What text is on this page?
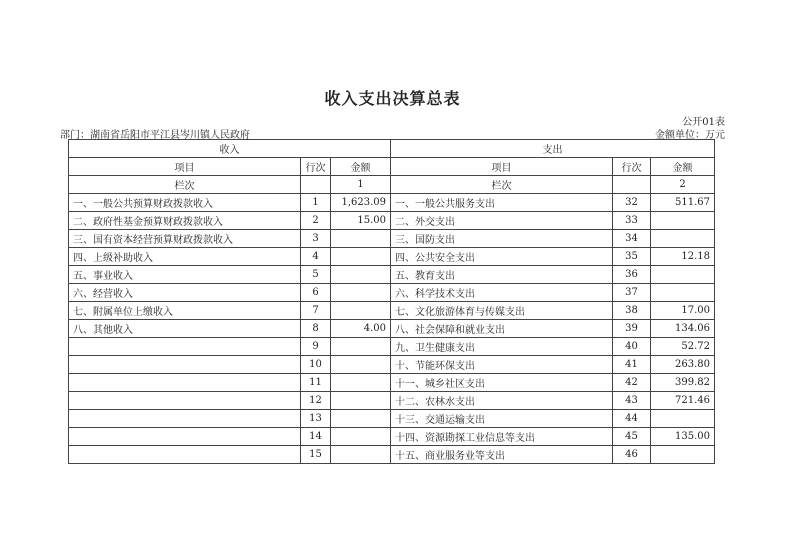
收入支出决算总表
公开01表
部门：湖南省岳阳市平江县岑川镇人民政府	金额单位：万元
收入			支出		
项目	行次	金额	项目	行次	金额
栏次		1	栏次		2
一、一般公共预算财政拨款收入	1	1,623.09	一、一般公共服务支出	32	511.67
二、政府性基金预算财政拨款收入	2	15.00	二、外交支出	33	
三、国有资本经营预算财政拨款收入	3		三、国防支出	34	
四、上级补助收入	4		四、公共安全支出	35	12.18
五、事业收入	5		五、教育支出	36	
六、经营收入	6		六、科学技术支出	37	
七、附属单位上缴收入	7		七、文化旅游体育与传媒支出	38	17.00
八、其他收入	8	4.00	八、社会保障和就业支出	39	134.06
	9		九、卫生健康支出	40	52.72
	10		十、节能环保支出	41	263.80
	11		十一、城乡社区支出	42	399.82
	12		十二、农林水支出	43	721.46
	13		十三、交通运输支出	44	
	14		十四、资源勘探工业信息等支出	45	135.00
	15		十五、商业服务业等支出	46	
